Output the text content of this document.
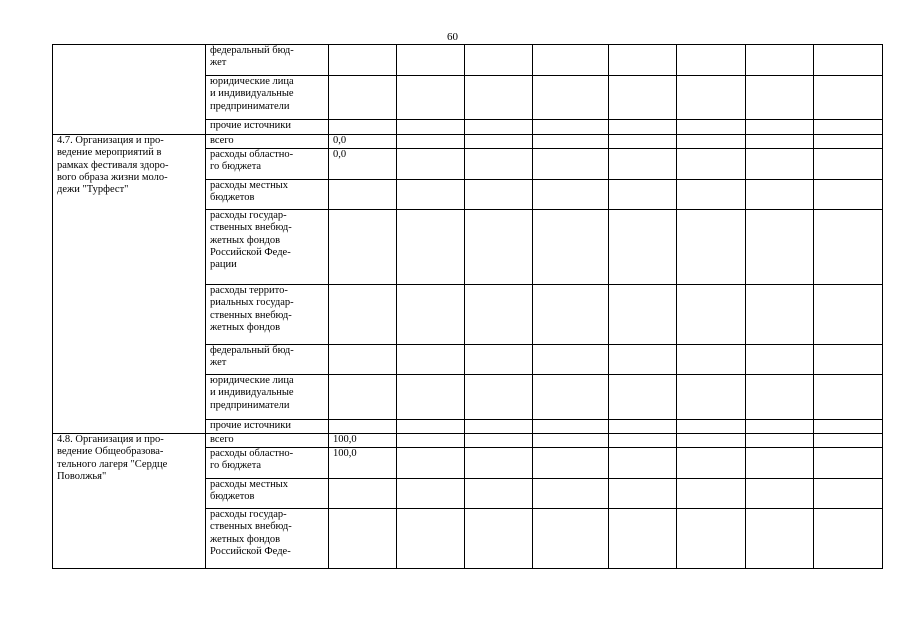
60
	федеральный бюд-
жет								
	юридические лица
и индивидуальные
предприниматели								
	прочие источники								
4.7. Организация и про-
ведение мероприятий в
рамках фестиваля здоро-
вого образа жизни моло-
дежи "Турфест"	всего	0,0							
	расходы областно-
го бюджета	0,0							
	расходы местных
бюджетов								
	расходы государ-
ственных внебюд-
жетных фондов
Российской Феде-
рации								
	расходы террито-
риальных государ-
ственных внебюд-
жетных фондов								
	федеральный бюд-
жет								
	юридические лица
и индивидуальные
предприниматели								
	прочие источники								
4.8. Организация и про-
ведение Общеобразова-
тельного лагеря "Сердце
Поволжья"	всего	100,0							
	расходы областно-
го бюджета	100,0							
	расходы местных
бюджетов								
	расходы государ-
ственных внебюд-
жетных фондов
Российской Феде-								
